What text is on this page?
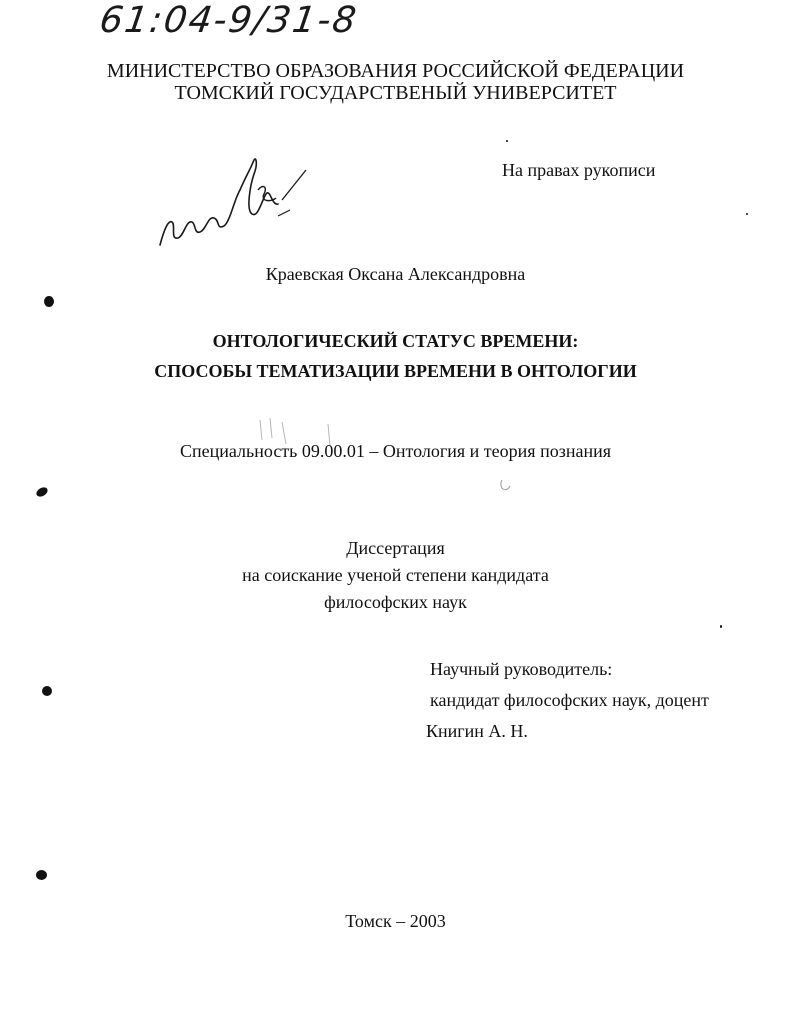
61:04-9/31-8
МИНИСТЕРСТВО ОБРАЗОВАНИЯ РОССИЙСКОЙ ФЕДЕРАЦИИ
ТОМСКИЙ ГОСУДАРСТВЕНЫЙ УНИВЕРСИТЕТ
На правах рукописи
Краевская Оксана Александровна
ОНТОЛОГИЧЕСКИЙ СТАТУС ВРЕМЕНИ:
СПОСОБЫ ТЕМАТИЗАЦИИ ВРЕМЕНИ В ОНТОЛОГИИ
Специальность 09.00.01 – Онтология и теория познания
Диссертация
на соискание ученой степени кандидата
философских наук
Научный руководитель:
кандидат философских наук, доцент
Книгин А. Н.
Томск – 2003
